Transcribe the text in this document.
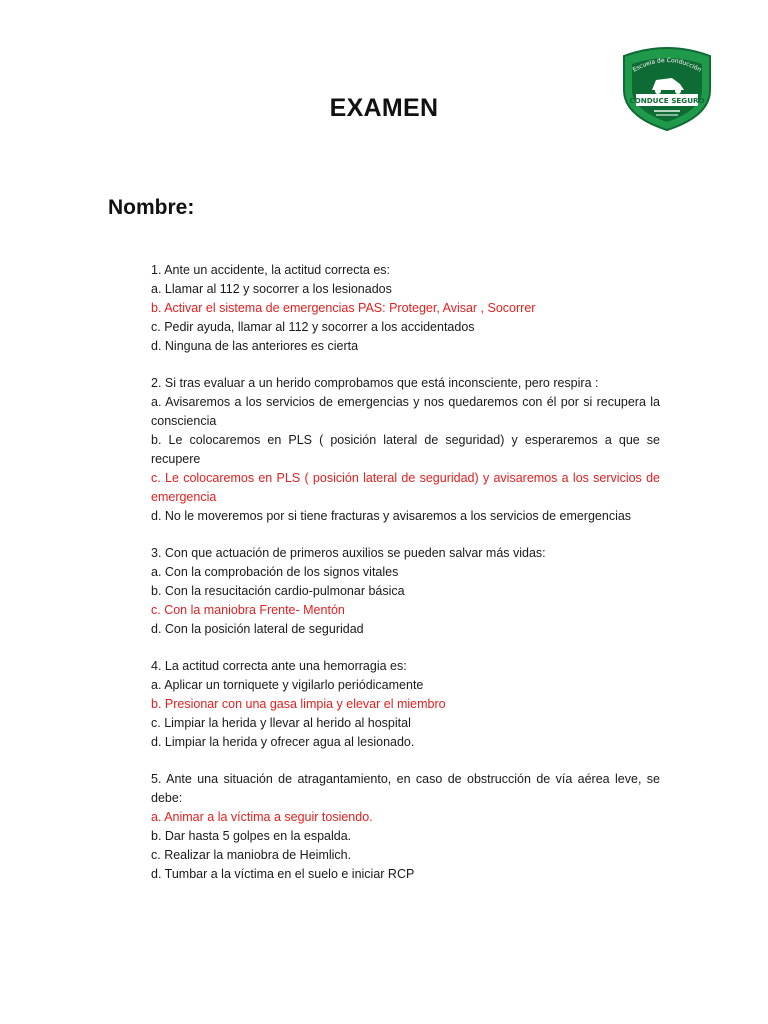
Escuela de Conducción
CONDUCE SEGURO
EXAMEN
Nombre:
1. Ante un accidente, la actitud correcta es:
a. Llamar al 112 y socorrer a los lesionados
b. Activar el sistema de emergencias PAS: Proteger, Avisar , Socorrer
c. Pedir ayuda, llamar al 112 y socorrer a los accidentados
d. Ninguna de las anteriores es cierta
2. Si tras evaluar a un herido comprobamos que está inconsciente, pero respira :
a. Avisaremos a los servicios de emergencias y nos quedaremos con él por si recupera la consciencia
b. Le colocaremos en PLS ( posición lateral de seguridad) y esperaremos a que se recupere
c. Le colocaremos en PLS ( posición lateral de seguridad) y avisaremos a los servicios de emergencia
d. No le moveremos por si tiene fracturas y avisaremos a los servicios de emergencias
3. Con que actuación de primeros auxilios se pueden salvar más vidas:
a. Con la comprobación de los signos vitales
b. Con la resucitación cardio-pulmonar básica
c. Con la maniobra Frente- Mentón
d. Con la posición lateral de seguridad
4. La actitud correcta ante una hemorragia es:
a. Aplicar un torniquete y vigilarlo periódicamente
b. Presionar con una gasa limpia y elevar el miembro
c. Limpiar la herida y llevar al herido al hospital
d. Limpiar la herida y ofrecer agua al lesionado.
5. Ante una situación de atragantamiento, en caso de obstrucción de vía aérea leve, se debe:
a. Animar a la víctima a seguir tosiendo.
b. Dar hasta 5 golpes en la espalda.
c. Realizar la maniobra de Heimlich.
d. Tumbar a la víctima en el suelo e iniciar RCP
